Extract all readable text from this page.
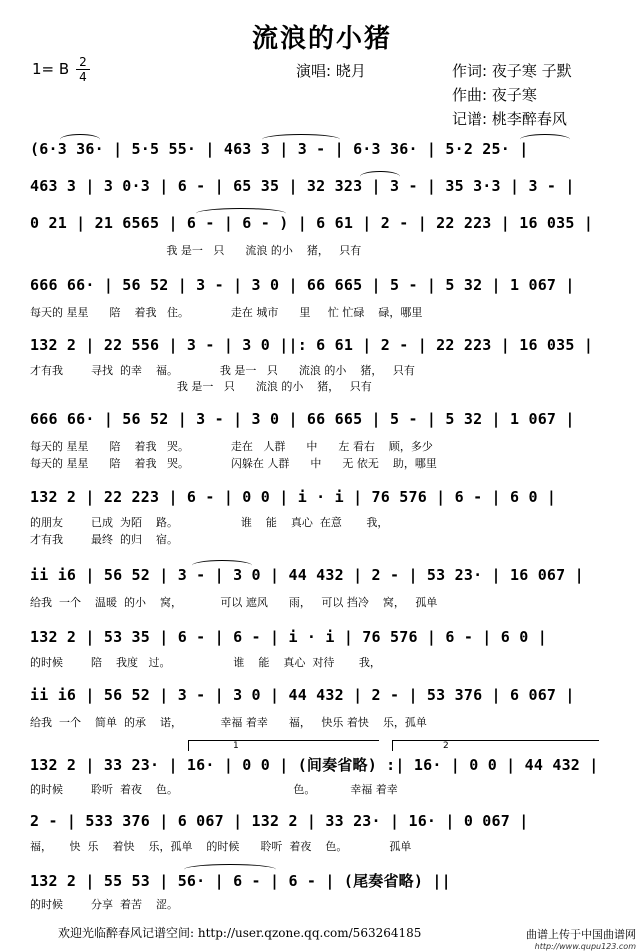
流浪的小猪
1= B 2
4	演唱: 晓月	作词: 夜子寒 子默
作曲: 夜子寒
记谱: 桃李醉春风
(6·3 36· | 5·5 55· | 463 3 | 3 - | 6·3 36· | 5·2 25· |
463 3 | 3 0·3 | 6 - | 65 35 | 32 323 | 3 - | 35 3·3 | 3 - |
0 21 | 21 6565 | 6 - | 6 - ) | 6 61 | 2 - | 22 223 | 16 035 |
我 是一   只      流浪 的小    猪，   只有
666 66· | 56 52 | 3 - | 3 0 | 66 665 | 5 - | 5 32 | 1 067 |
每天的 星星      陪    着我   住。            走在 城市      里     忙 忙碌    碌，哪里
132 2 | 22 556 | 3 - | 3 0 ||: 6 61 | 2 - | 22 223 | 16 035 |
才有我        寻找  的幸    福。            我 是一   只      流浪 的小    猪，   只有
我 是一   只      流浪 的小    猪，   只有
666 66· | 56 52 | 3 - | 3 0 | 66 665 | 5 - | 5 32 | 1 067 |
每天的 星星      陪    着我   哭。            走在   人群      中      左 看右    顾，多少
每天的 星星      陪    着我   哭。            闪躲在 人群      中      无 依无    助，哪里
132 2 | 22 223 | 6 - | 0 0 | i · i | 76 576 | 6 - | 6 0 |
的朋友        已成  为陌    路。                  谁    能    真心  在意       我，
才有我        最终  的归    宿。
ii i6 | 56 52 | 3 - | 3 0 | 44 432 | 2 - | 53 23· | 16 067 |
给我  一个    温暖  的小    窝，           可以 遮风      雨，   可以 挡冷    窝，   孤单
132 2 | 53 35 | 6 - | 6 - | i · i | 76 576 | 6 - | 6 0 |
的时候        陪    我度   过。                  谁    能    真心  对待       我，
ii i6 | 56 52 | 3 - | 3 0 | 44 432 | 2 - | 53 376 | 6 067 |
给我  一个    简单  的承    诺，           幸福 着幸      福，   快乐 着快    乐，孤单
1	2
132 2 | 33 23· | 16· | 0 0 | (间奏省略) :| 16· | 0 0 | 44 432 |
的时候        聆听  着夜    色。                                 色。          幸福 着幸
2 - | 533 376 | 6 067 | 132 2 | 33 23· | 16· | 0 067 |
福，     快  乐    着快    乐，孤单    的时候      聆听  着夜    色。            孤单
132 2 | 55 53 | 56· | 6 - | 6 - | (尾奏省略) ||
的时候        分享  着苦    涩。
欢迎光临醉春风记谱空间: http://user.qzone.qq.com/563264185	曲谱上传于中国曲谱网
http://www.qupu123.com
